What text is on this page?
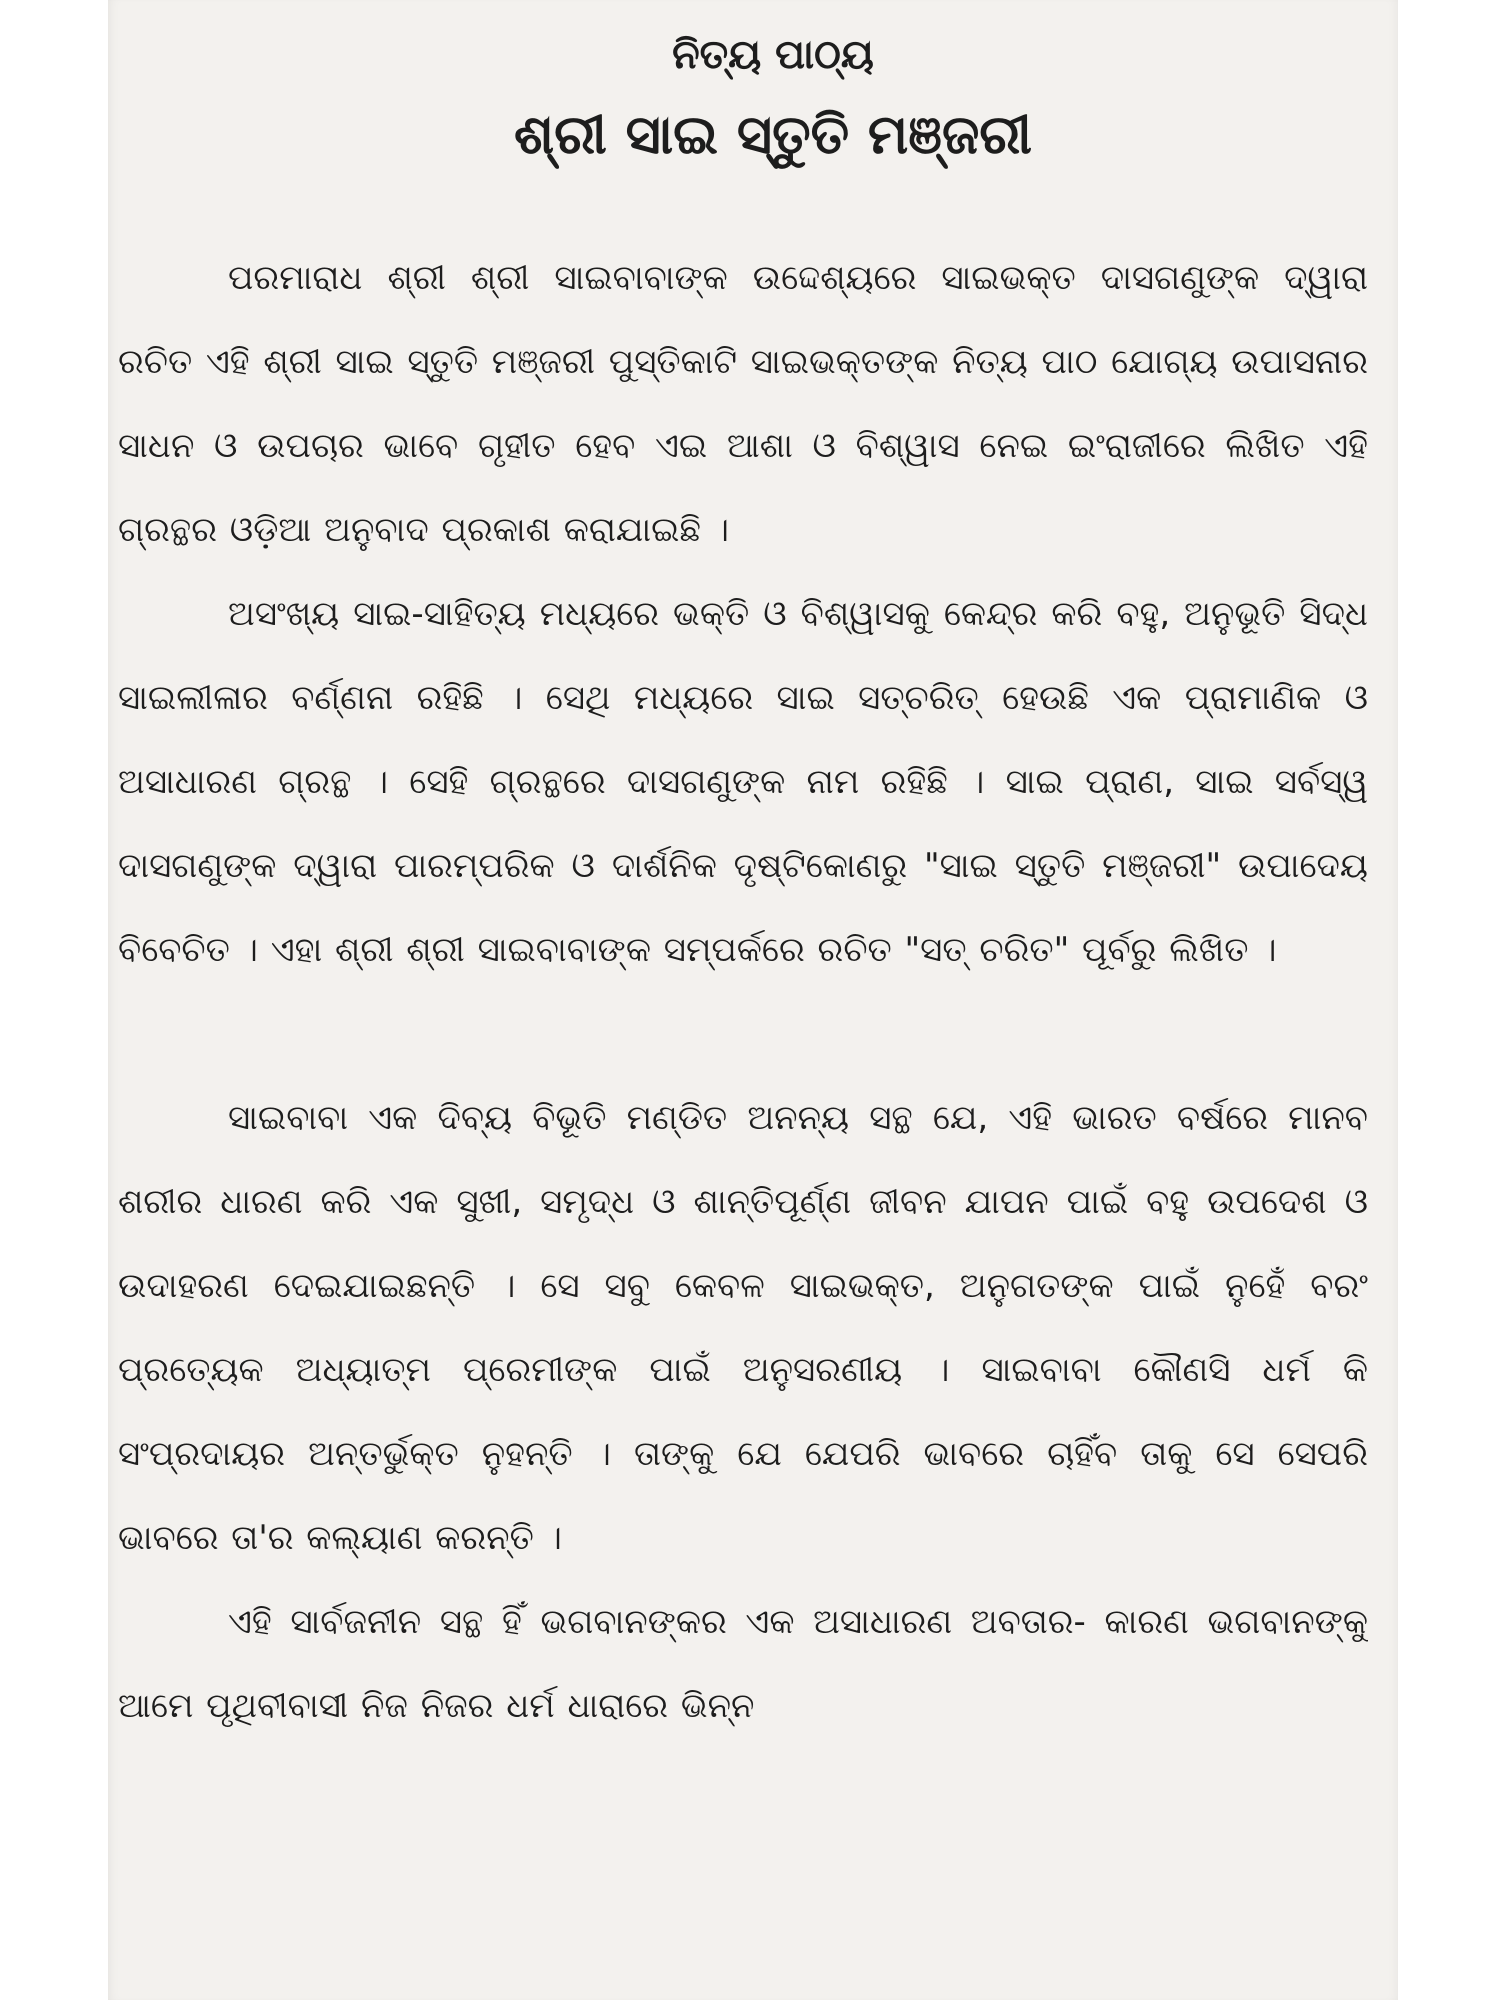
ନିତ୍ୟ ପାଠ୍ୟ
ଶ୍ରୀ ସାଇ ସ୍ତୁତି ମଞ୍ଜରୀ

ପରମାରାଧ ଶ୍ରୀ ଶ୍ରୀ ସାଇବାବାଙ୍କ ଉଦ୍ଦେଶ୍ୟରେ ସାଇଭକ୍ତ ଦାସଗଣୁଙ୍କ ଦ୍ୱାରା ରଚିତ ଏହି ଶ୍ରୀ ସାଇ ସ୍ତୁତି ମଞ୍ଜରୀ ପୁସ୍ତିକାଟି ସାଇଭକ୍ତଙ୍କ ନିତ୍ୟ ପାଠ ଯୋଗ୍ୟ ଉପାସନାର ସାଧନ ଓ ଉପଚାର ଭାବେ ଗୃହୀତ ହେବ ଏଇ ଆଶା ଓ ବିଶ୍ୱାସ ନେଇ ଇଂରାଜୀରେ ଲିଖିତ ଏହି ଗ୍ରନ୍ଥର ଓଡ଼ିଆ ଅନୁବାଦ ପ୍ରକାଶ କରାଯାଇଛି ।

ଅସଂଖ୍ୟ ସାଇ-ସାହିତ୍ୟ ମଧ୍ୟରେ ଭକ୍ତି ଓ ବିଶ୍ୱାସକୁ କେନ୍ଦ୍ର କରି ବହୁ, ଅନୁଭୂତି ସିଦ୍ଧ ସାଇଲୀଳାର ବର୍ଣ୍ଣନା ରହିଛି । ସେଥି ମଧ୍ୟରେ ସାଇ ସତ୍‌ଚରିତ୍ ହେଉଛି ଏକ ପ୍ରାମାଣିକ ଓ ଅସାଧାରଣ ଗ୍ରନ୍ଥ । ସେହି ଗ୍ରନ୍ଥରେ ଦାସଗଣୁଙ୍କ ନାମ ରହିଛି । ସାଇ ପ୍ରାଣ, ସାଇ ସର୍ବସ୍ୱ ଦାସଗଣୁଙ୍କ ଦ୍ୱାରା ପାରମ୍ପରିକ ଓ ଦାର୍ଶନିକ ଦୃଷ୍ଟିକୋଣରୁ "ସାଇ ସ୍ତୁତି ମଞ୍ଜରୀ" ଉପାଦେୟ ବିବେଚିତ । ଏହା ଶ୍ରୀ ଶ୍ରୀ ସାଇବାବାଙ୍କ ସମ୍ପର୍କରେ ରଚିତ "ସତ୍ ଚରିତ" ପୂର୍ବରୁ ଲିଖିତ ।

ସାଇବାବା ଏକ ଦିବ୍ୟ ବିଭୂତି ମଣ୍ଡିତ ଅନନ୍ୟ ସନ୍ଥ ଯେ, ଏହି ଭାରତ ବର୍ଷରେ ମାନବ ଶରୀର ଧାରଣ କରି ଏକ ସୁଖୀ, ସମୃଦ୍ଧ ଓ ଶାନ୍ତିପୂର୍ଣ୍ଣ ଜୀବନ ଯାପନ ପାଇଁ ବହୁ ଉପଦେଶ ଓ ଉଦାହରଣ ଦେଇଯାଇଛନ୍ତି । ସେ ସବୁ କେବଳ ସାଇଭକ୍ତ, ଅନୁଗତଙ୍କ ପାଇଁ ନୁହେଁ ବରଂ ପ୍ରତ୍ୟେକ ଅଧ୍ୟାତ୍ମ ପ୍ରେମୀଙ୍କ ପାଇଁ ଅନୁସରଣୀୟ । ସାଇବାବା କୌଣସି ଧର୍ମ କି ସଂପ୍ରଦାୟର ଅନ୍ତର୍ଭୁକ୍ତ ନୁହନ୍ତି । ତାଙ୍କୁ ଯେ ଯେପରି ଭାବରେ ଚାହିଁବ ତାକୁ ସେ ସେପରି ଭାବରେ ତା'ର କଲ୍ୟାଣ କରନ୍ତି ।

ଏହି ସାର୍ବଜନୀନ ସନ୍ଥ ହିଁ ଭଗବାନଙ୍କର ଏକ ଅସାଧାରଣ ଅବତାର- କାରଣ ଭଗବାନଙ୍କୁ ଆମେ ପୃଥିବୀବାସୀ ନିଜ ନିଜର ଧର୍ମ ଧାରାରେ ଭିନ୍ନ
